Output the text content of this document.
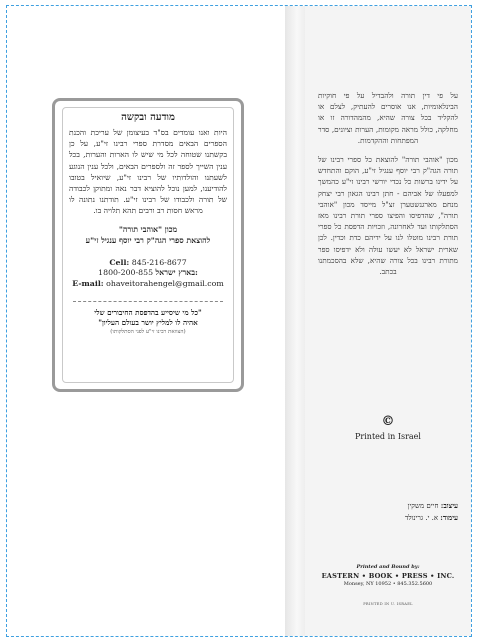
מודעה ובקשה

היות ואנו עומדים בס"ד בעיצומן של עריכת והכנת הספרים הבאים מסדרת ספרי רבינו זי"ע, על כן בקשתנו שטוחה לכל מי שיש לו הארות והערות, בכל ענין השייך לספר זה ולספרים הבאים, ולכל ענין הנוגע לשעתנו והולדותיו של רבינו זי"ע, שיואיל בטובו להודיענו, למען נוכל להוציא דבר נאה ומתוקן לכבודה של תורה ולכבודו של רבינו זי"ע. תודתנו נתונה לו מראש חסות רב ורבים תהא תלויה בו.

מכון "אוהבי תורה"
להוצאת ספרי הגה"ק רבי יוסף ענגיל זי"ע
Cell: 845-216-8677
1800-200-855 בארץ ישראל:
E-mail: ohaveitorahengel@gmail.com
"כל מי שיסייע בהדפסת החיבורים שלי
אהיה לו למליץ יושר בעולם העליון"
(הצוואת רבינו זי"ע לפני הסתלקותו)

על פי דין תורה ולהבדיל על פי חוקיות הבינלאומיות, אנו אוסרים להעתיק, לצלם או להקליד בכל צורה שהיא, מהמהדורה זו או מחלקה, כולל מראה מקומות, הערות וציונים, סדר המפתחות וההקדמות.

מכון "אוהבי תורה" להוצאת כל ספרי רבינו של תורה הגה"ק רבי יוסף ענגיל זי"ע, הוקם והתחדש על ידינו ברשות כל נכדי יורשי רבינו זי"ע כהמשך למפעלו של אביהם - חתן רבינו הגאון רבי יצחק מנחם מארגנשטערן זצ"ל מייסד מכון "אוהבי תורה", שהדפיסו והפיצו ספרי תורת רבינו מאז הסתלקותו ועד לאחרונה, וזכויות הדפסת כל ספרי תורת רבינו מוטלו לנו על ידיהם כדת וכדין. לכן שארית ישראל לא יעשו עולה ולא ידפיסו ספר מתורת רבינו בכל צורה שהיא, שלא בהסכמתנו בכתב.

©
Printed in Israel
עיצוב: חיים משקין
עימוד: א. י. גרינולד
Printed and Bound by:
EASTERN • BOOK • PRESS • INC.
Monsey, NY 10952 • 845.352.5600
PRINTED IN U. ISRAEL
